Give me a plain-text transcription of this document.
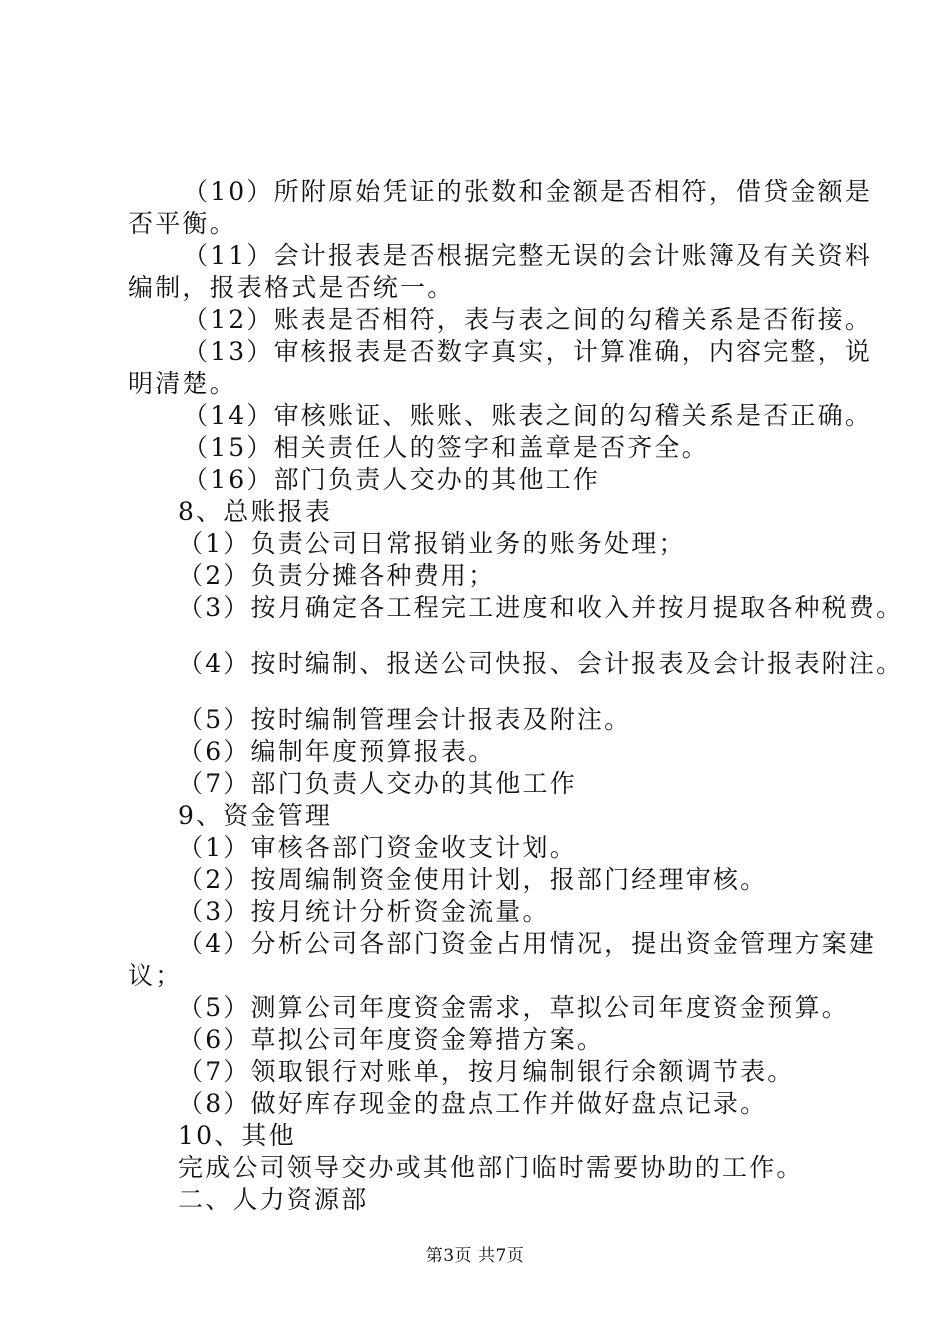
（10）所附原始凭证的张数和金额是否相符，借贷金额是
否平衡。
（11）会计报表是否根据完整无误的会计账簿及有关资料
编制，报表格式是否统一。
（12）账表是否相符，表与表之间的勾稽关系是否衔接。
（13）审核报表是否数字真实，计算准确，内容完整，说
明清楚。
（14）审核账证、账账、账表之间的勾稽关系是否正确。
（15）相关责任人的签字和盖章是否齐全。
（16）部门负责人交办的其他工作
8、总账报表
（1）负责公司日常报销业务的账务处理；
（2）负责分摊各种费用；
（3）按月确定各工程完工进度和收入并按月提取各种税费。
（4）按时编制、报送公司快报、会计报表及会计报表附注。
（5）按时编制管理会计报表及附注。
（6）编制年度预算报表。
（7）部门负责人交办的其他工作
9、资金管理
（1）审核各部门资金收支计划。
（2）按周编制资金使用计划，报部门经理审核。
（3）按月统计分析资金流量。
（4）分析公司各部门资金占用情况，提出资金管理方案建
议；
（5）测算公司年度资金需求，草拟公司年度资金预算。
（6）草拟公司年度资金筹措方案。
（7）领取银行对账单，按月编制银行余额调节表。
（8）做好库存现金的盘点工作并做好盘点记录。
10、其他
完成公司领导交办或其他部门临时需要协助的工作。
二、人力资源部
第3页 共7页
